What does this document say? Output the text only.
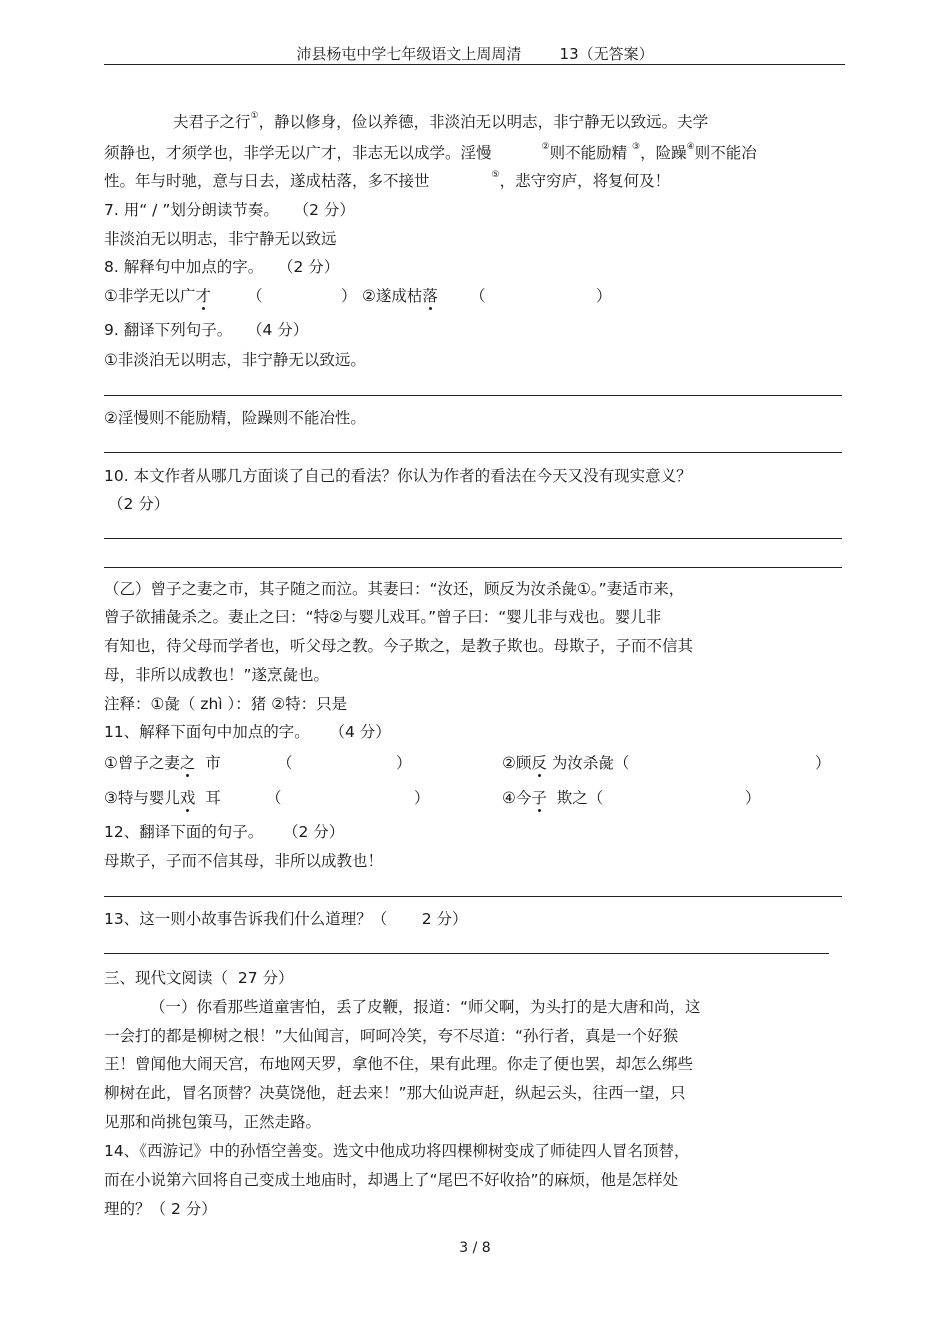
沛县杨屯中学七年级语文上周周清	13（无答案）
夫君子之行①，静以修身，俭以养德，非淡泊无以明志，非宁静无以致远。夫学
须静也，才须学也，非学无以广才，非志无以成学。淫慢	②则不能励精 ③，险躁④则不能冶
性。年与时驰，意与日去，遂成枯落，多不接世	⑤，悲守穷庐，将复何及！
7. 用“ / ”划分朗读节奏。 （2 分）
非淡泊无以明志，非宁静无以致远
8. 解释句中加点的字。 （2 分）
①非学无以广才 （	） ②遂成枯落 （	）
9. 翻译下列句子。 （4 分）
①非淡泊无以明志，非宁静无以致远。
②淫慢则不能励精，险躁则不能冶性。
10. 本文作者从哪几方面谈了自己的看法？你认为作者的看法在今天又没有现实意义？
（2 分）
（乙）曾子之妻之市，其子随之而泣。其妻曰：“汝还，顾反为汝杀彘①。”妻适市来，
曾子欲捕彘杀之。妻止之曰：“特②与婴儿戏耳。”曾子曰：“婴儿非与戏也。婴儿非
有知也，待父母而学者也，听父母之教。今子欺之，是教子欺也。母欺子，子而不信其
母，非所以成教也！”遂烹彘也。
注释：①彘（ zhì ）：猪 ②特：只是
11、解释下面句中加点的字。 （4 分）
①曾子之妻之 市	（	）	②顾反 为汝杀彘（	）
③特与婴儿戏 耳	（	）	④今子 欺之（	）
12、翻译下面的句子。 （2 分）
母欺子，子而不信其母，非所以成教也！
13、这一则小故事告诉我们什么道理？（ 2 分）
三、现代文阅读（ 27 分）
（一）你看那些道童害怕，丢了皮鞭，报道：“师父啊，为头打的是大唐和尚，这
一会打的都是柳树之根！”大仙闻言，呵呵冷笑，夸不尽道：“孙行者，真是一个好猴
王！曾闻他大闹天宫，布地网天罗，拿他不住，果有此理。你走了便也罢，却怎么绑些
柳树在此，冒名顶替？决莫饶他，赶去来！”那大仙说声赶，纵起云头，往西一望，只
见那和尚挑包策马，正然走路。
14、《西游记》中的孙悟空善变。选文中他成功将四棵柳树变成了师徒四人冒名顶替，
而在小说第六回将自己变成土地庙时，却遇上了“尾巴不好收拾”的麻烦，他是怎样处
理的？（ 2 分）
3 / 8
